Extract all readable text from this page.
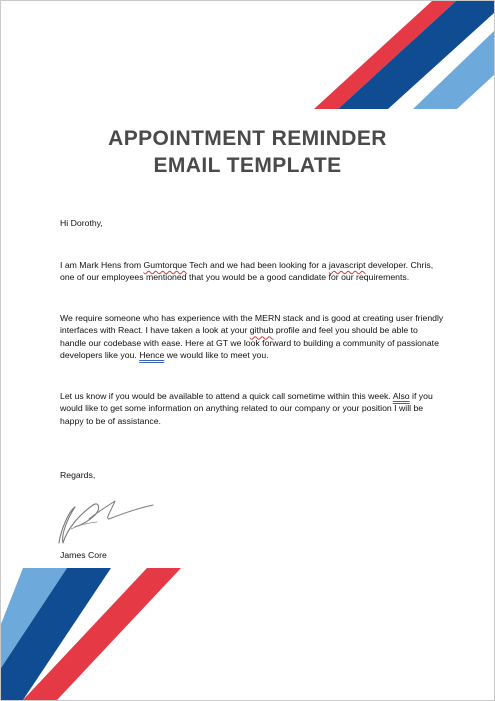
APPOINTMENT REMINDER
EMAIL TEMPLATE
Hi Dorothy,

I am Mark Hens from Gumtorque Tech and we had been looking for a javascript developer. Chris, one of our employees mentioned that you would be a good candidate for our requirements.

We require someone who has experience with the MERN stack and is good at creating user friendly interfaces with React. I have taken a look at your github profile and feel you should be able to handle our codebase with ease. Here at GT we look forward to building a community of passionate developers like you. Hence we would like to meet you.

Let us know if you would be available to attend a quick call sometime within this week. Also if you would like to get some information on anything related to our company or your position I will be happy to be of assistance.

Regards,
James Core
